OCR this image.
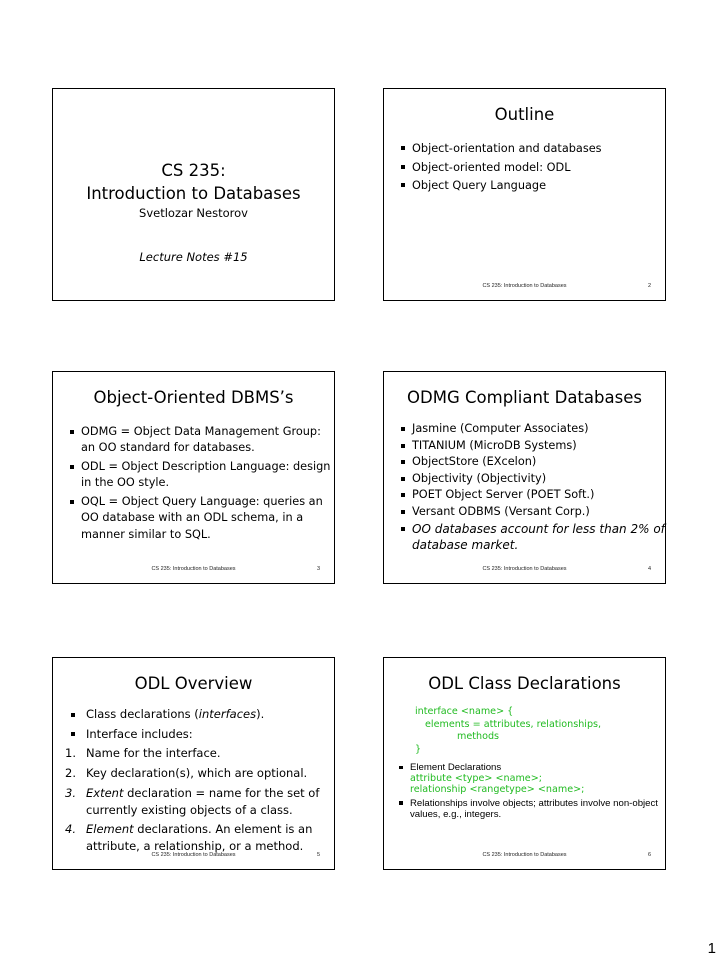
CS 235:
Introduction to Databases
Svetlozar Nestorov
Lecture Notes #15
Outline
Object-orientation and databases
Object-oriented model: ODL
Object Query Language
CS 235: Introduction to Databases	2
Object-Oriented DBMS’s
ODMG = Object Data Management Group: an OO standard for databases.
ODL = Object Description Language: design in the OO style.
OQL = Object Query Language: queries an OO database with an ODL schema, in a manner similar to SQL.
CS 235: Introduction to Databases	3
ODMG Compliant Databases
Jasmine (Computer Associates)
TITANIUM (MicroDB Systems)
ObjectStore (EXcelon)
Objectivity (Objectivity)
POET Object Server (POET Soft.)
Versant ODBMS (Versant Corp.)
OO databases account for less than 2% of database market.
CS 235: Introduction to Databases	4
ODL Overview
Class declarations (interfaces).
Interface includes:
1. Name for the interface.
2. Key declaration(s), which are optional.
3. Extent declaration = name for the set of currently existing objects of a class.
4. Element declarations. An element is an attribute, a relationship, or a method.
CS 235: Introduction to Databases	5
ODL Class Declarations
interface <name> {
elements = attributes, relationships,
methods
}
Element Declarations
attribute <type> <name>;
relationship <rangetype> <name>;
Relationships involve objects; attributes involve non-object values, e.g., integers.
CS 235: Introduction to Databases	6
1
